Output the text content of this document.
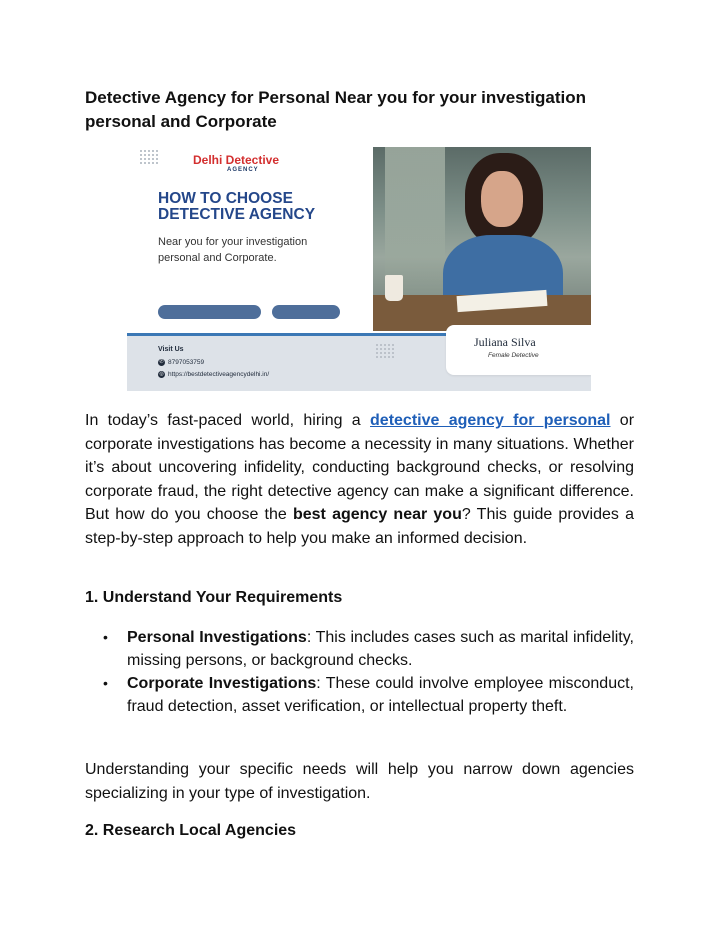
Detective Agency for Personal Near you for your investigation personal and Corporate
Delhi Detective
AGENCY
HOW TO CHOOSE
DETECTIVE AGENCY
Near you for your investigation personal and Corporate.
Visit Us
✆ 8797053759
◎ https://bestdetectiveagencydelhi.in/
Juliana Silva
Female Detective

In today’s fast-paced world, hiring a detective agency for personal or corporate investigations has become a necessity in many situations. Whether it’s about uncovering infidelity, conducting background checks, or resolving corporate fraud, the right detective agency can make a significant difference. But how do you choose the best agency near you? This guide provides a step-by-step approach to help you make an informed decision.

1. Understand Your Requirements
• Personal Investigations: This includes cases such as marital infidelity, missing persons, or background checks.
• Corporate Investigations: These could involve employee misconduct, fraud detection, asset verification, or intellectual property theft.

Understanding your specific needs will help you narrow down agencies specializing in your type of investigation.

2. Research Local Agencies
